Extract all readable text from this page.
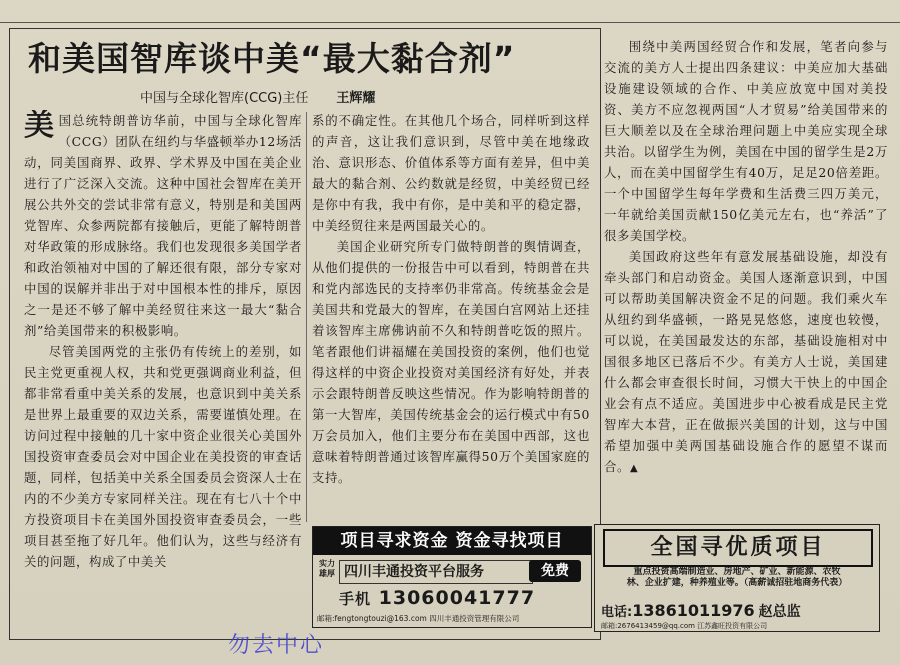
和美国智库谈中美“最大黏合剂”
中国与全球化智库(CCG)主任 王辉耀

美国总统特朗普访华前，中国与全球化智库（CCG）团队在纽约与华盛顿举办12场活动，同美国商界、政界、学术界及中国在美企业进行了广泛深入交流。这种中国社会智库在美开展公共外交的尝试非常有意义，特别是和美国两党智库、众参两院都有接触后，更能了解特朗普对华政策的形成脉络。我们也发现很多美国学者和政治领袖对中国的了解还很有限，部分专家对中国的误解并非出于对中国根本性的排斥，原因之一是还不够了解中美经贸往来这一最大“黏合剂”给美国带来的积极影响。

尽管美国两党的主张仍有传统上的差别，如民主党更重视人权，共和党更强调商业利益，但都非常看重中美关系的发展，也意识到中美关系是世界上最重要的双边关系，需要谨慎处理。在访问过程中接触的几十家中资企业很关心美国外国投资审查委员会对中国企业在美投资的审查话题，同样，包括美中关系全国委员会资深人士在内的不少美方专家同样关注。现在有七八十个中方投资项目卡在美国外国投资审查委员会，一些项目甚至拖了好几年。他们认为，这些与经济有关的问题，构成了中美关

系的不确定性。在其他几个场合，同样听到这样的声音，这让我们意识到，尽管中美在地缘政治、意识形态、价值体系等方面有差异，但中美最大的黏合剂、公约数就是经贸，中美经贸已经是你中有我，我中有你，是中美和平的稳定器，中美经贸往来是两国最关心的。

美国企业研究所专门做特朗普的舆情调查，从他们提供的一份报告中可以看到，特朗普在共和党内部选民的支持率仍非常高。传统基金会是美国共和党最大的智库，在美国白宫网站上还挂着该智库主席佛讷前不久和特朗普吃饭的照片。笔者跟他们讲福耀在美国投资的案例，他们也觉得这样的中资企业投资对美国经济有好处，并表示会跟特朗普反映这些情况。作为影响特朗普的第一大智库，美国传统基金会的运行模式中有50万会员加入，他们主要分布在美国中西部，这也意味着特朗普通过该智库赢得50万个美国家庭的支持。

围绕中美两国经贸合作和发展，笔者向参与交流的美方人士提出四条建议：中美应加大基础设施建设领域的合作、中美应放宽中国对美投资、美方不应忽视两国“人才贸易”给美国带来的巨大顺差以及在全球治理问题上中美应实现全球共治。以留学生为例，美国在中国的留学生是2万人，而在美中国留学生有40万，足足20倍差距。一个中国留学生每年学费和生活费三四万美元，一年就给美国贡献150亿美元左右，也“养活”了很多美国学校。

美国政府这些年有意发展基础设施，却没有牵头部门和启动资金。美国人逐渐意识到，中国可以帮助美国解决资金不足的问题。我们乘火车从纽约到华盛顿，一路晃晃悠悠，速度也较慢，可以说，在美国最发达的东部，基础设施相对中国很多地区已落后不少。有美方人士说，美国建什么都会审查很长时间，习惯大干快上的中国企业会有点不适应。美国进步中心被看成是民主党智库大本营，正在做振兴美国的计划，这与中国希望加强中美两国基础设施合作的愿望不谋而合。▲

项目寻求资金 资金寻找项目
实力雄厚 四川丰通投资平台服务	免费
手机 13060041777
邮箱:fengtongtouzi@163.com 四川丰通投资管理有限公司
全国寻优质项目
重点投资高端制造业、房地产、矿业、新能源、农牧
林、企业扩建，种养殖业等。（高薪诚招驻地商务代表）
电话:13861011976 赵总监
邮箱:2676413459@qq.com 江苏鑫旺投资有限公司
勿去中心
